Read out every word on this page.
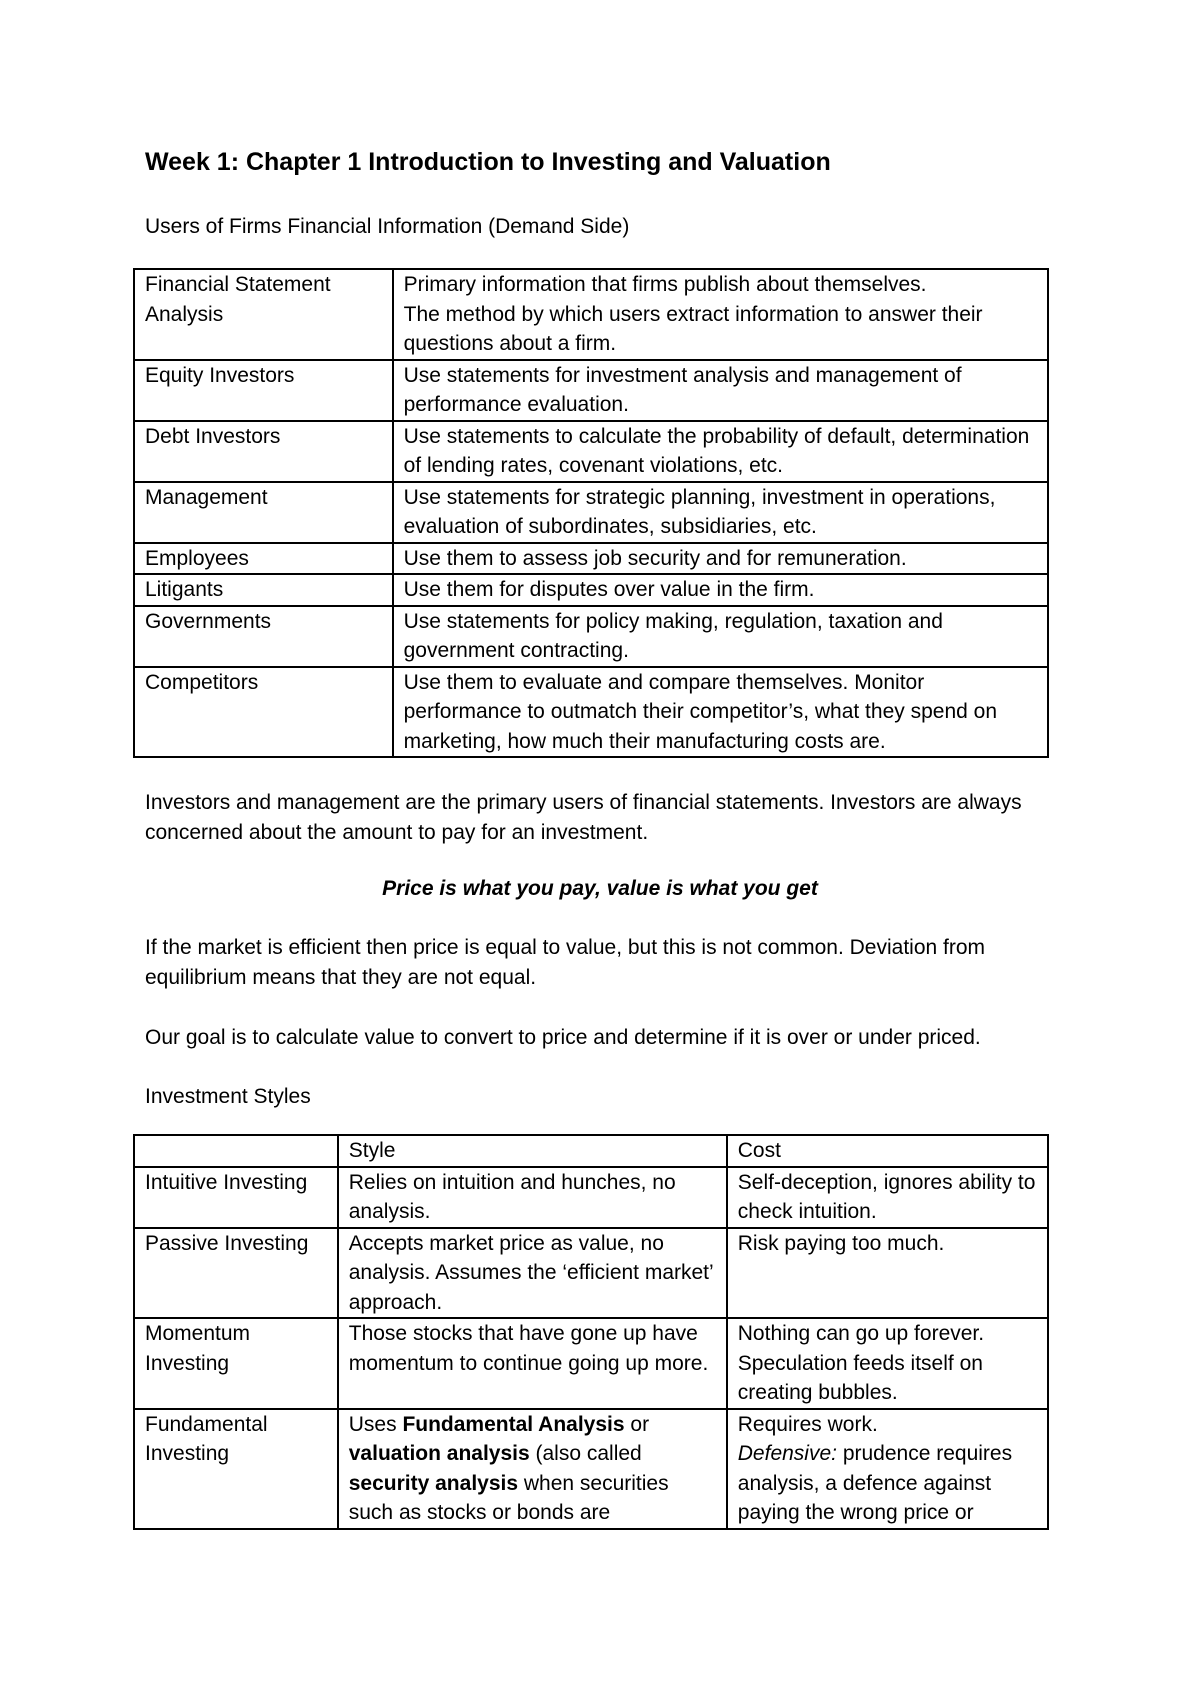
Week 1: Chapter 1 Introduction to Investing and Valuation
Users of Firms Financial Information (Demand Side)
Financial Statement Analysis	Primary information that firms publish about themselves.
The method by which users extract information to answer their questions about a firm.

Equity Investors	Use statements for investment analysis and management of performance evaluation.
Debt Investors	Use statements to calculate the probability of default, determination of lending rates, covenant violations, etc.
Management	Use statements for strategic planning, investment in operations, evaluation of subordinates, subsidiaries, etc.
Employees	Use them to assess job security and for remuneration.
Litigants	Use them for disputes over value in the firm.
Governments	Use statements for policy making, regulation, taxation and government contracting.
Competitors	Use them to evaluate and compare themselves. Monitor performance to outmatch their competitor’s, what they spend on marketing, how much their manufacturing costs are.
Investors and management are the primary users of financial statements. Investors are always concerned about the amount to pay for an investment.
Price is what you pay, value is what you get
If the market is efficient then price is equal to value, but this is not common. Deviation from equilibrium means that they are not equal.
Our goal is to calculate value to convert to price and determine if it is over or under priced.
Investment Styles
	Style	Cost
Intuitive Investing	Relies on intuition and hunches, no analysis.	Self-deception, ignores ability to check intuition.
Passive Investing	Accepts market price as value, no analysis. Assumes the ‘efficient market’ approach.	Risk paying too much.
Momentum Investing	Those stocks that have gone up have momentum to continue going up more.	Nothing can go up forever. Speculation feeds itself on creating bubbles.
Fundamental Investing	Uses Fundamental Analysis or valuation analysis (also called security analysis when securities such as stocks or bonds are	Requires work.
Defensive: prudence requires analysis, a defence against paying the wrong price or
